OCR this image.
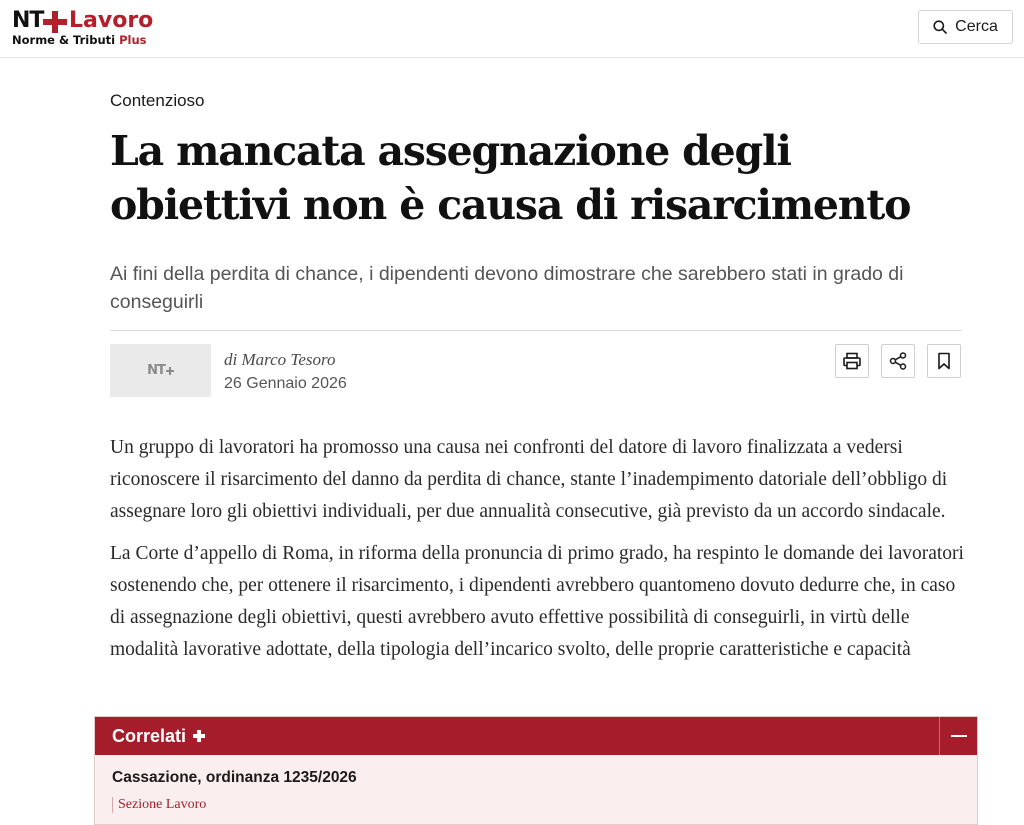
NT Lavoro
Norme & Tributi Plus
Cerca
Contenzioso
La mancata assegnazione degli obiettivi non è causa di risarcimento
Ai fini della perdita di chance, i dipendenti devono dimostrare che sarebbero stati in grado di conseguirli
NT
di Marco Tesoro
26 Gennaio 2026

Un gruppo di lavoratori ha promosso una causa nei confronti del datore di lavoro finalizzata a vedersi riconoscere il risarcimento del danno da perdita di chance, stante l’inadempimento datoriale dell’obbligo di assegnare loro gli obiettivi individuali, per due annualità consecutive, già previsto da un accordo sindacale.

La Corte d’appello di Roma, in riforma della pronuncia di primo grado, ha respinto le domande dei lavoratori sostenendo che, per ottenere il risarcimento, i dipendenti avrebbero quantomeno dovuto dedurre che, in caso di assegnazione degli obiettivi, questi avrebbero avuto effettive possibilità di conseguirli, in virtù delle modalità lavorative adottate, della tipologia dell’incarico svolto, delle proprie caratteristiche e capacità

Correlati
Cassazione, ordinanza 1235/2026
Sezione Lavoro
